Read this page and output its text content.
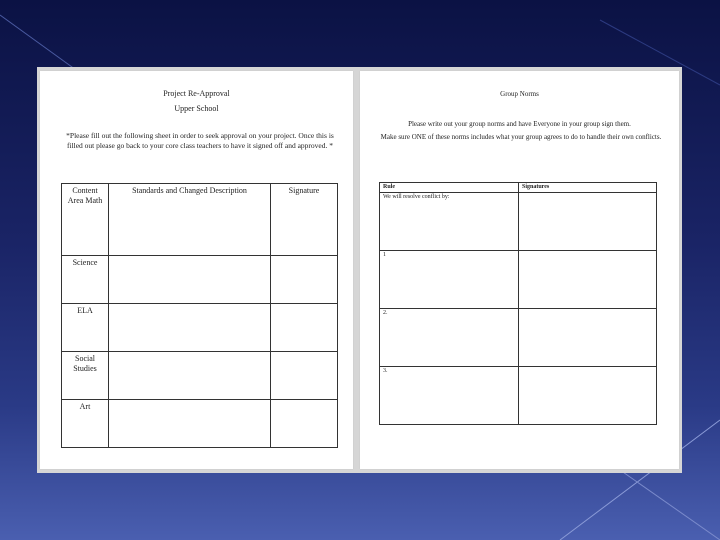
Project Re-Approval
Upper School
*Please fill out the following sheet in order to seek approval on your project. Once this is filled out please go back to your core class teachers to have it signed off and approved. *
Content Area Math	Standards and Changed Description	Signature
Science		
ELA		
Social Studies		
Art		
Group Norms
Please write out your group norms and have Everyone in your group sign them.
Make sure ONE of these norms includes what your group agrees to do to handle their own conflicts.
Rule	Signatures
We will resolve conflict by:	
1	
2.	
3.	
